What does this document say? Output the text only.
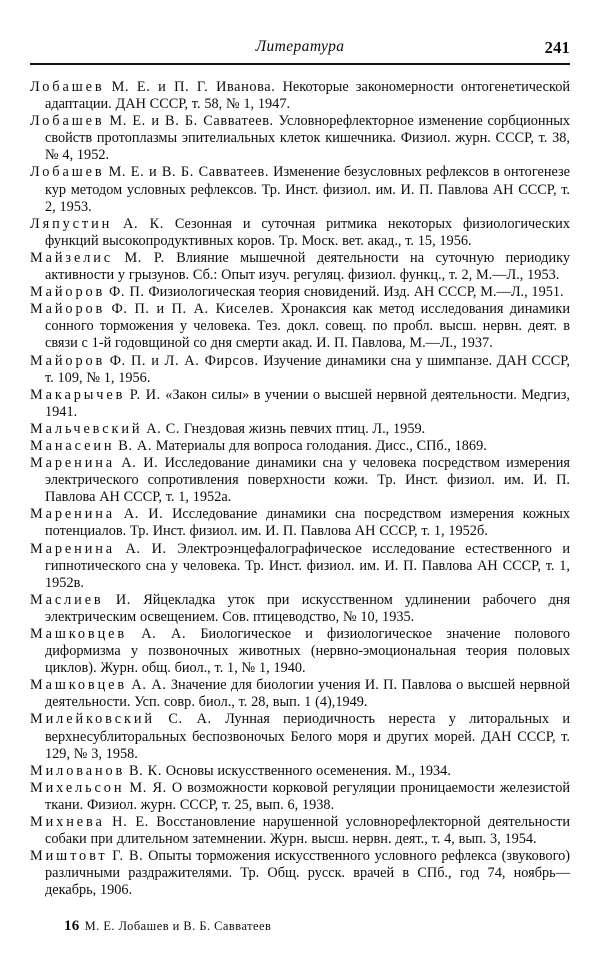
Литература	241

Лобашев М. Е. и П. Г. Иванова. Некоторые закономерности онтогенетической адаптации. ДАН СССР, т. 58, № 1, 1947.

Лобашев М. Е. и В. Б. Савватеев. Условнорефлекторное изменение сорбционных свойств протоплазмы эпителиальных клеток кишечника. Физиол. журн. СССР, т. 38, № 4, 1952.

Лобашев М. Е. и В. Б. Савватеев. Изменение безусловных рефлексов в онтогенезе кур методом условных рефлексов. Тр. Инст. физиол. им. И. П. Павлова АН СССР, т. 2, 1953.

Ляпустин А. К. Сезонная и суточная ритмика некоторых физиологических функций высокопродуктивных коров. Тр. Моск. вет. акад., т. 15, 1956.

Майзелис М. Р. Влияние мышечной деятельности на суточную периодику активности у грызунов. Сб.: Опыт изуч. регуляц. физиол. функц., т. 2, М.—Л., 1953.

Майоров Ф. П. Физиологическая теория сновидений. Изд. АН СССР, М.—Л., 1951.

Майоров Ф. П. и П. А. Киселев. Хронаксия как метод исследования динамики сонного торможения у человека. Тез. докл. совещ. по пробл. высш. нервн. деят. в связи с 1-й годовщиной со дня смерти акад. И. П. Павлова, М.—Л., 1937.

Майоров Ф. П. и Л. А. Фирсов. Изучение динамики сна у шимпанзе. ДАН СССР, т. 109, № 1, 1956.

Макарычев Р. И. «Закон силы» в учении о высшей нервной деятельности. Медгиз, 1941.

Мальчевский А. С. Гнездовая жизнь певчих птиц. Л., 1959.

Манасеин В. А. Материалы для вопроса голодания. Дисс., СПб., 1869.

Маренина А. И. Исследование динамики сна у человека посредством измерения электрического сопротивления поверхности кожи. Тр. Инст. физиол. им. И. П. Павлова АН СССР, т. 1, 1952а.

Маренина А. И. Исследование динамики сна посредством измерения кожных потенциалов. Тр. Инст. физиол. им. И. П. Павлова АН СССР, т. 1, 1952б.

Маренина А. И. Электроэнцефалографическое исследование естественного и гипнотического сна у человека. Тр. Инст. физиол. им. И. П. Павлова АН СССР, т. 1, 1952в.

Маслиев И. Яйцекладка уток при искусственном удлинении рабочего дня электрическим освещением. Сов. птицеводство, № 10, 1935.

Машковцев А. А. Биологическое и физиологическое значение полового диформизма у позвоночных животных (нервно-эмоциональная теория половых циклов). Журн. общ. биол., т. 1, № 1, 1940.

Машковцев А. А. Значение для биологии учения И. П. Павлова о высшей нервной деятельности. Усп. совр. биол., т. 28, вып. 1 (4),1949.

Милейковский С. А. Лунная периодичность нереста у литоральных и верхнесублиторальных беспозвоночых Белого моря и других морей. ДАН СССР, т. 129, № 3, 1958.

Милованов В. К. Основы искусственного осеменения. М., 1934.

Михельсон М. Я. О возможности корковой регуляции проницаемости железистой ткани. Физиол. журн. СССР, т. 25, вып. 6, 1938.

Михнева Н. Е. Восстановление нарушенной условнорефлекторной деятельности собаки при длительном затемнении. Журн. высш. нервн. деят., т. 4, вып. 3, 1954.

Миштовт Г. В. Опыты торможения искусственного условного рефлекса (звукового) различными раздражителями. Тр. Общ. русск. врачей в СПб., год 74, ноябрь—декабрь, 1906.

16 М. Е. Лобашев и В. Б. Савватеев
